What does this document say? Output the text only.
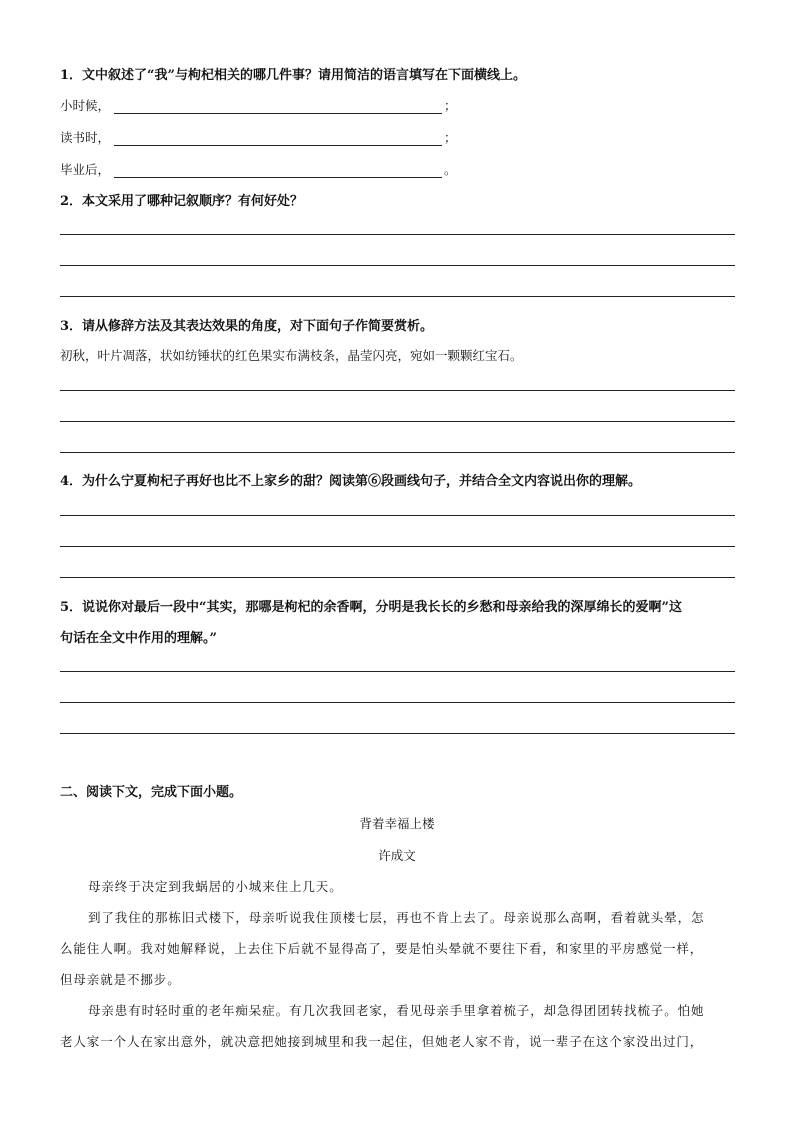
1．文中叙述了“我”与枸杞相关的哪几件事？请用简洁的语言填写在下面横线上。
小时候，	；
读书时，	；
毕业后，	。
2．本文采用了哪种记叙顺序？有何好处？
3．请从修辞方法及其表达效果的角度，对下面句子作简要赏析。
初秋，叶片凋落，状如纺锤状的红色果实布满枝条，晶莹闪亮，宛如一颗颗红宝石。
4．为什么宁夏枸杞子再好也比不上家乡的甜？阅读第⑥段画线句子，并结合全文内容说出你的理解。
5．说说你对最后一段中“其实，那哪是枸杞的余香啊，分明是我长长的乡愁和母亲给我的深厚绵长的爱啊”这
句话在全文中作用的理解。”
二、阅读下文，完成下面小题。
背着幸福上楼
许成文
母亲终于决定到我蜗居的小城来住上几天。
到了我住的那栋旧式楼下，母亲听说我住顶楼七层，再也不肯上去了。母亲说那么高啊，看着就头晕，怎
么能住人啊。我对她解释说，上去住下后就不显得高了，要是怕头晕就不要往下看，和家里的平房感觉一样，
但母亲就是不挪步。
母亲患有时轻时重的老年痴呆症。有几次我回老家，看见母亲手里拿着梳子，却急得团团转找梳子。怕她
老人家一个人在家出意外，就决意把她接到城里和我一起住，但她老人家不肯，说一辈子在这个家没出过门，
